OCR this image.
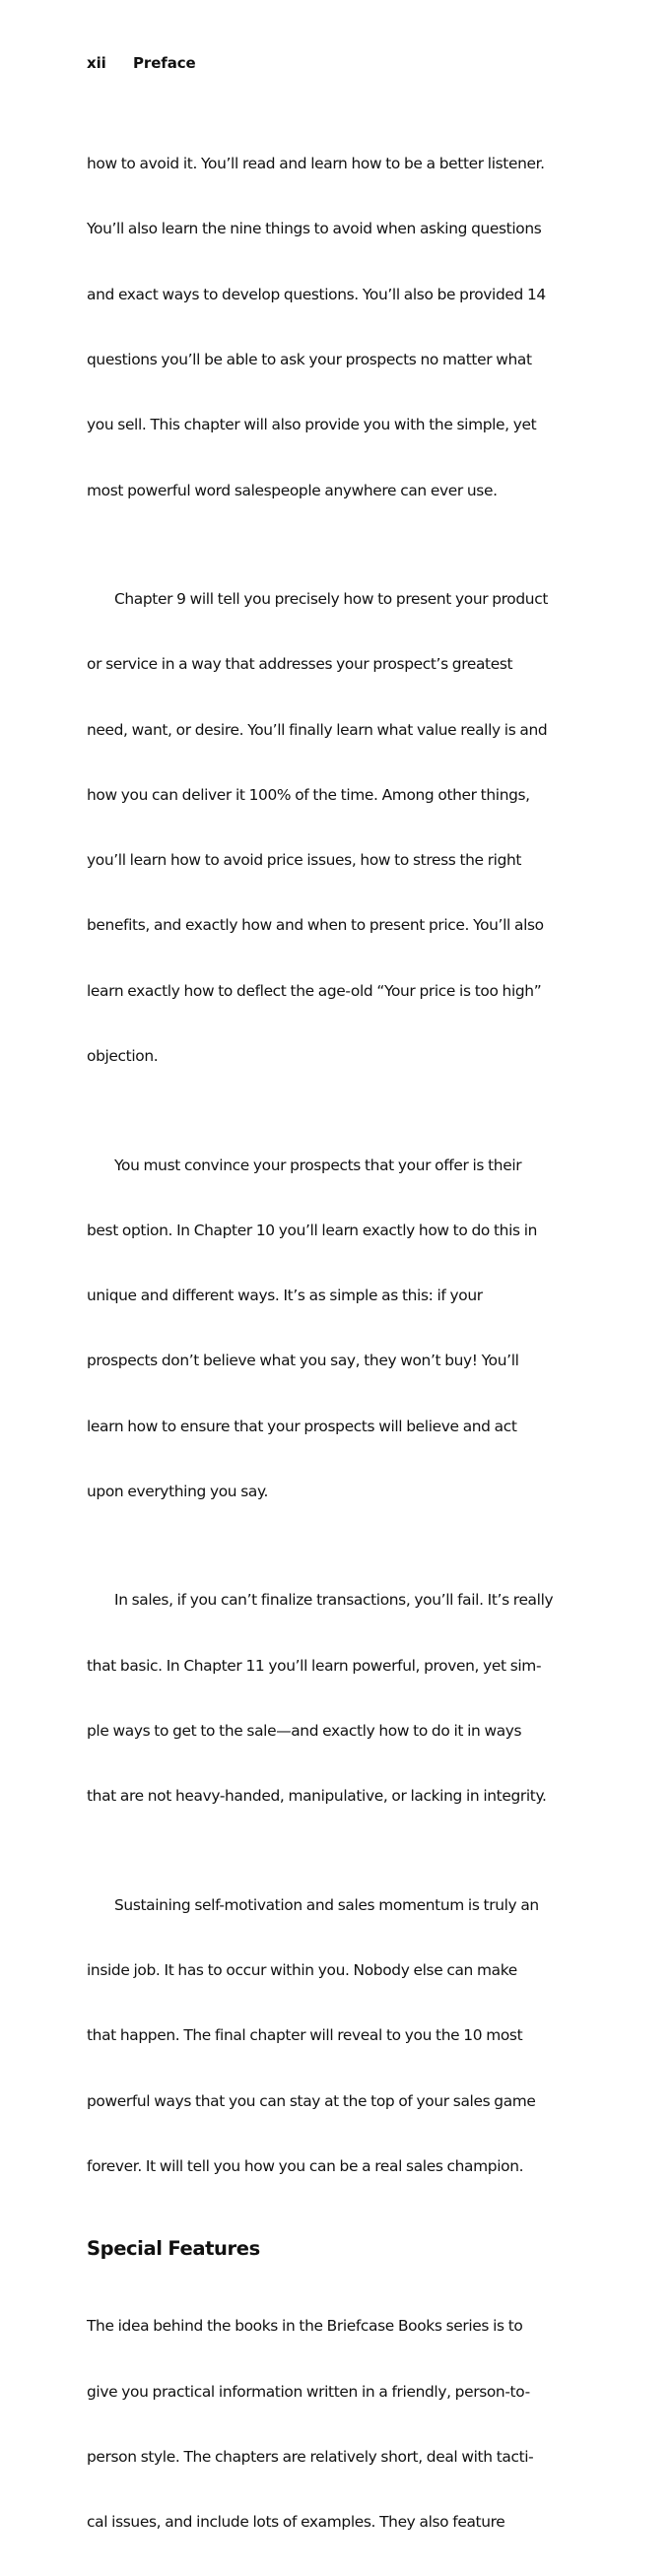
xii Preface

how to avoid it. You’ll read and learn how to be a better listener.

You’ll also learn the nine things to avoid when asking questions

and exact ways to develop questions. You’ll also be provided 14

questions you’ll be able to ask your prospects no matter what

you sell. This chapter will also provide you with the simple, yet

most powerful word salespeople anywhere can ever use.

Chapter 9 will tell you precisely how to present your product

or service in a way that addresses your prospect’s greatest

need, want, or desire. You’ll finally learn what value really is and

how you can deliver it 100% of the time. Among other things,

you’ll learn how to avoid price issues, how to stress the right

benefits, and exactly how and when to present price. You’ll also

learn exactly how to deflect the age-old “Your price is too high”

objection.

You must convince your prospects that your offer is their

best option. In Chapter 10 you’ll learn exactly how to do this in

unique and different ways. It’s as simple as this: if your

prospects don’t believe what you say, they won’t buy! You’ll

learn how to ensure that your prospects will believe and act

upon everything you say.

In sales, if you can’t finalize transactions, you’ll fail. It’s really

that basic. In Chapter 11 you’ll learn powerful, proven, yet sim-

ple ways to get to the sale—and exactly how to do it in ways

that are not heavy-handed, manipulative, or lacking in integrity.

Sustaining self-motivation and sales momentum is truly an

inside job. It has to occur within you. Nobody else can make

that happen. The final chapter will reveal to you the 10 most

powerful ways that you can stay at the top of your sales game

forever. It will tell you how you can be a real sales champion.

Special Features

The idea behind the books in the Briefcase Books series is to

give you practical information written in a friendly, person-to-

person style. The chapters are relatively short, deal with tacti-

cal issues, and include lots of examples. They also feature
